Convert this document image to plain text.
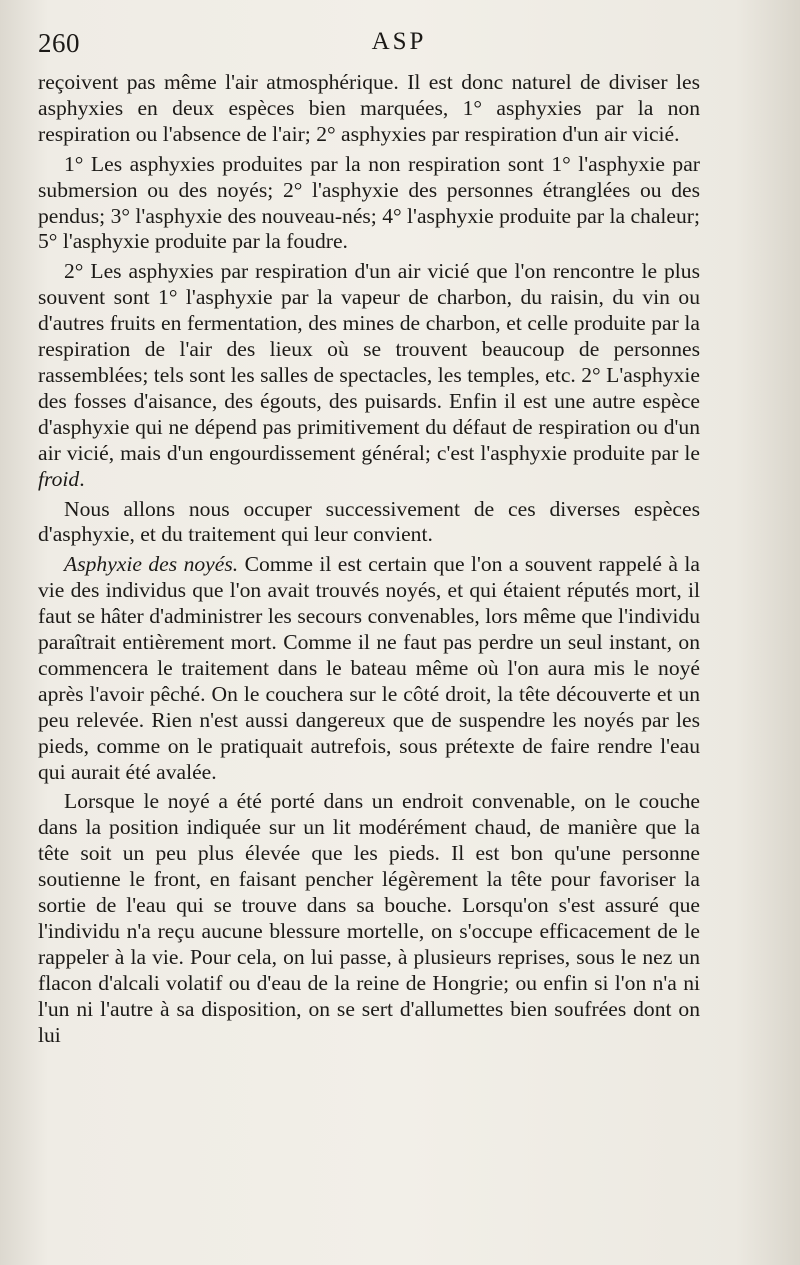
260	ASP

reçoivent pas même l'air atmosphérique. Il est donc naturel de diviser les asphyxies en deux espèces bien marquées, 1° asphyxies par la non respiration ou l'absence de l'air; 2° asphyxies par respiration d'un air vicié.

1° Les asphyxies produites par la non respiration sont 1° l'asphyxie par submersion ou des noyés; 2° l'asphyxie des personnes étranglées ou des pendus; 3° l'asphyxie des nouveau-nés; 4° l'asphyxie produite par la chaleur; 5° l'asphyxie produite par la foudre.

2° Les asphyxies par respiration d'un air vicié que l'on rencontre le plus souvent sont 1° l'asphyxie par la vapeur de charbon, du raisin, du vin ou d'autres fruits en fermentation, des mines de charbon, et celle produite par la respiration de l'air des lieux où se trouvent beaucoup de personnes rassemblées; tels sont les salles de spectacles, les temples, etc. 2° L'asphyxie des fosses d'aisance, des égouts, des puisards. Enfin il est une autre espèce d'asphyxie qui ne dépend pas primitivement du défaut de respiration ou d'un air vicié, mais d'un engourdissement général; c'est l'asphyxie produite par le froid.

Nous allons nous occuper successivement de ces diverses espèces d'asphyxie, et du traitement qui leur convient.

Asphyxie des noyés. Comme il est certain que l'on a souvent rappelé à la vie des individus que l'on avait trouvés noyés, et qui étaient réputés mort, il faut se hâter d'administrer les secours convenables, lors même que l'individu paraîtrait entièrement mort. Comme il ne faut pas perdre un seul instant, on commencera le traitement dans le bateau même où l'on aura mis le noyé après l'avoir pêché. On le couchera sur le côté droit, la tête découverte et un peu relevée. Rien n'est aussi dangereux que de suspendre les noyés par les pieds, comme on le pratiquait autrefois, sous prétexte de faire rendre l'eau qui aurait été avalée.

Lorsque le noyé a été porté dans un endroit convenable, on le couche dans la position indiquée sur un lit modérément chaud, de manière que la tête soit un peu plus élevée que les pieds. Il est bon qu'une personne soutienne le front, en faisant pencher légèrement la tête pour favoriser la sortie de l'eau qui se trouve dans sa bouche. Lorsqu'on s'est assuré que l'individu n'a reçu aucune blessure mortelle, on s'occupe efficacement de le rappeler à la vie. Pour cela, on lui passe, à plusieurs reprises, sous le nez un flacon d'alcali volatif ou d'eau de la reine de Hongrie; ou enfin si l'on n'a ni l'un ni l'autre à sa disposition, on se sert d'allumettes bien soufrées dont on lui
